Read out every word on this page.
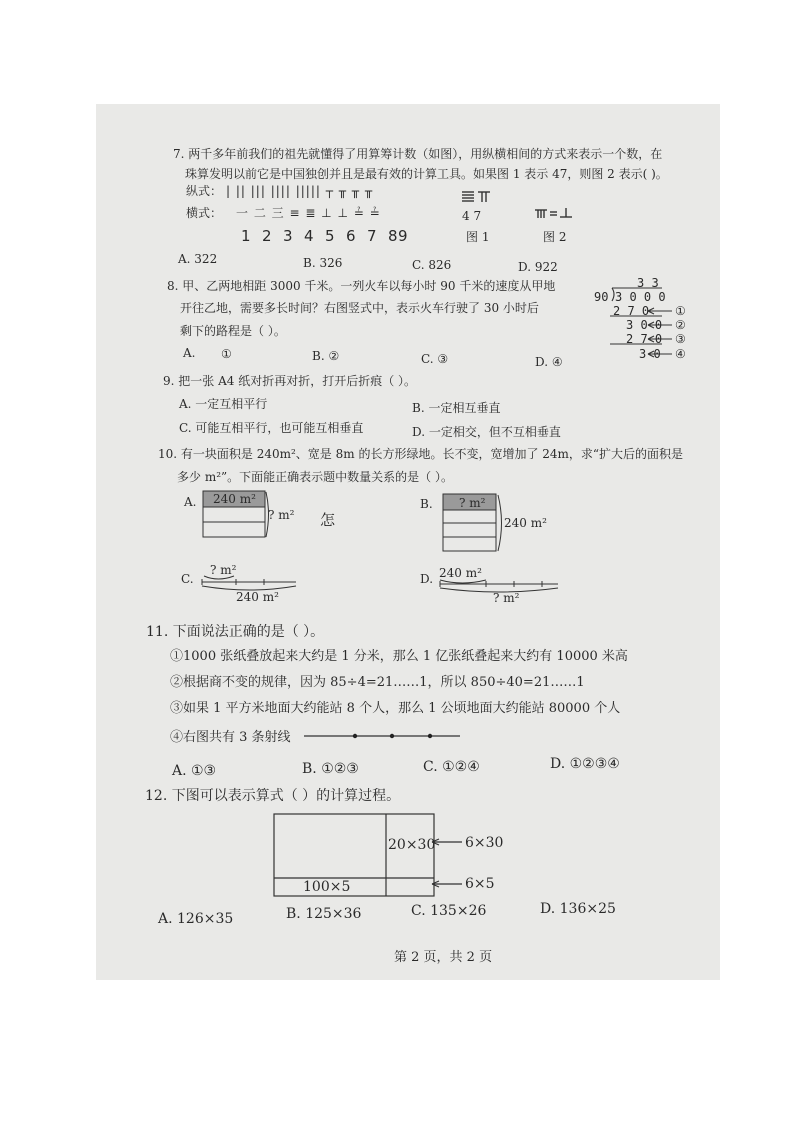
7. 两千多年前我们的祖先就懂得了用算筹计数（如图），用纵横相间的方式来表示一个数，在
珠算发明以前它是中国独创并且是最有效的计算工具。如果图 1 表示 47，则图 2 表示( )。
纵式：
横式：
| || ||| |||| ||||| ┬ ╥ ╥ ╥
一 二 三 ≡ ≣ ⊥ ⊥ ≟ ≟
1 2 3 4 5 6 7 8 9
4 7
图 1	图 2
A. 322	B. 326	C. 826	D. 922
8. 甲、乙两地相距 3000 千米。一列火车以每小时 90 千米的速度从甲地
开往乙地，需要多长时间？右图竖式中，表示火车行驶了 30 小时后
剩下的路程是（ ）。
A. ①	B. ②	C. ③	D. ④
3 3
90 3 0 0 0
2 7 0
3 0 0
2 7 0
3 0
①
②
③
④
9. 把一张 A4 纸对折再对折，打开后折痕（ ）。
A. 一定互相平行	B. 一定相互垂直
C. 可能互相平行，也可能互相垂直	D. 一定相交，但不互相垂直
10. 有一块面积是 240m²、宽是 8m 的长方形绿地。长不变，宽增加了 24m，求“扩大后的面积是
多少 m²”。下面能正确表示题中数量关系的是（ ）。
A. 240 m²
? m² 怎
B. ? m²
240 m²
C.
? m²
240 m²
D. 240 m²
? m²
11. 下面说法正确的是（ ）。
①1000 张纸叠放起来大约是 1 分米，那么 1 亿张纸叠起来大约有 10000 米高
②根据商不变的规律，因为 85÷4=21……1，所以 850÷40=21……1
③如果 1 平方米地面大约能站 8 个人，那么 1 公顷地面大约能站 80000 个人
④右图共有 3 条射线
A. ①③	B. ①②③	C. ①②④	D. ①②③④
12. 下图可以表示算式（ ）的计算过程。
20×30
100×5
6×30
6×5
A. 126×35	B. 125×36	C. 135×26	D. 136×25
第 2 页，共 2 页
